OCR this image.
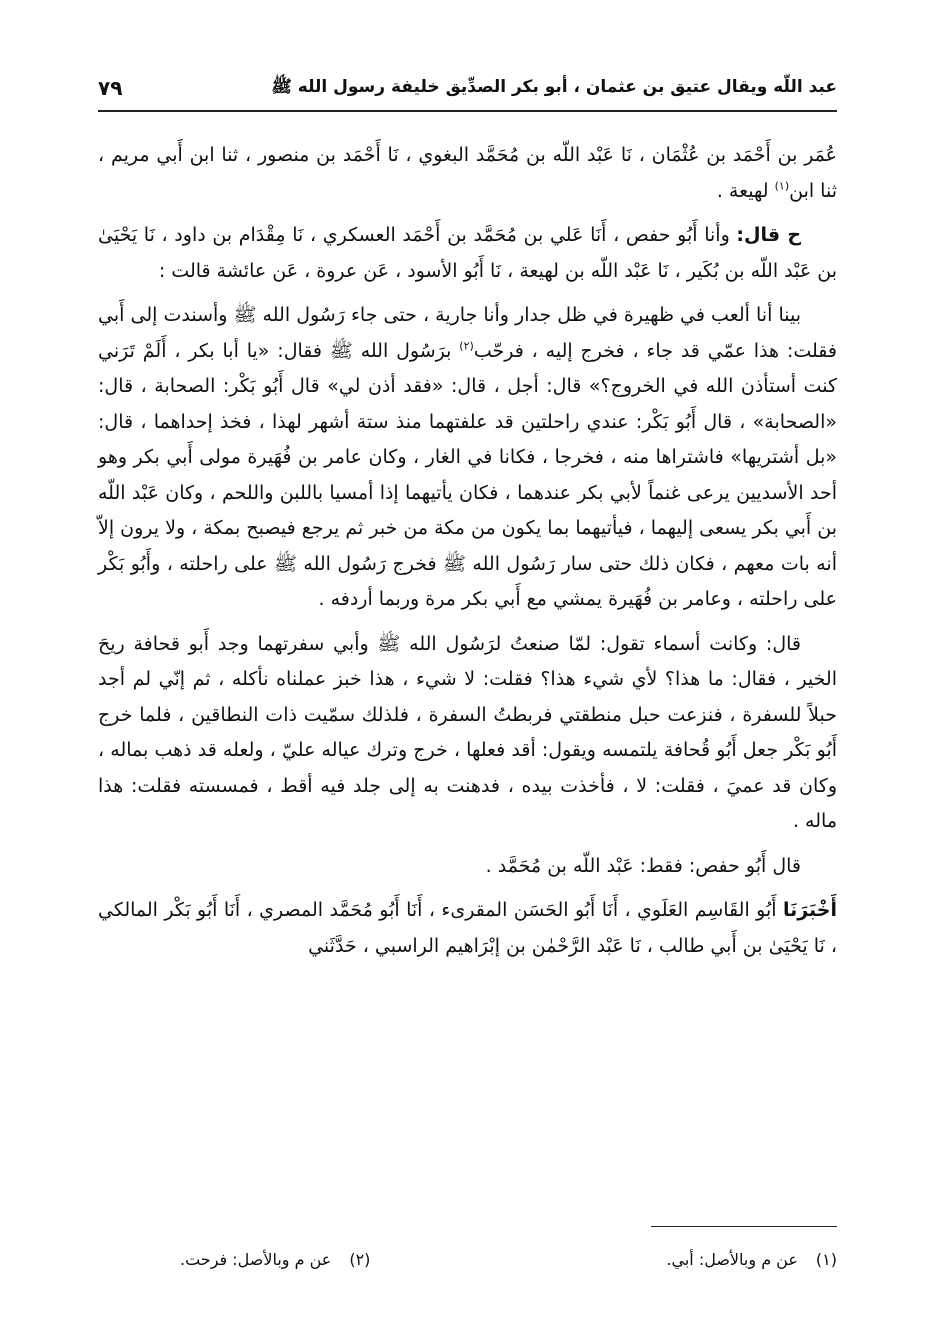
عبد اللّه ويقال عتيق بن عثمان ، أبو بكر الصدِّيق خليفة رسول الله ﷺ
٧٩

عُمَر بن أَحْمَد بن عُثْمَان ، نَا عَبْد اللّه بن مُحَمَّد البغوي ، نَا أَحْمَد بن منصور ، ثنا ابن أَبي مريم ، ثنا ابن$^{(١)}$ لهيعة .

ح قال: وأنا أَبُو حفص ، أَنَا عَلي بن مُحَمَّد بن أَحْمَد العسكري ، نَا مِقْدَام بن داود ، نَا يَحْيَىٰ بن عَبْد اللّه بن بُكَير ، نَا عَبْد اللّه بن لهيعة ، نَا أَبُو الأسود ، عَن عروة ، عَن عائشة قالت :

بينا أنا ألعب في ظهيرة في ظل جدار وأنا جارية ، حتى جاء رَسُول الله ﷺ وأسندت إلى أَبي فقلت: هذا عمّي قد جاء ، فخرج إليه ، فرحّب$^{(٢)}$ برَسُول الله ﷺ فقال: «يا أبا بكر ، أَلَمْ تَرَني كنت أستأذن الله في الخروج؟» قال: أجل ، قال: «فقد أذن لي» قال أَبُو بَكْر: الصحابة ، قال: «الصحابة» ، قال أَبُو بَكْر: عندي راحلتين قد علفتهما منذ ستة أشهر لهذا ، فخذ إحداهما ، قال: «بل أشتريها» فاشتراها منه ، فخرجا ، فكانا في الغار ، وكان عامر بن فُهَيرة مولى أَبي بكر وهو أحد الأسديين يرعى غنماً لأبي بكر عندهما ، فكان يأتيهما إذا أمسيا باللبن واللحم ، وكان عَبْد اللّه بن أَبي بكر يسعى إليهما ، فيأتيهما بما يكون من مكة من خبر ثم يرجع فيصبح بمكة ، ولا يرون إلاّ أنه بات معهم ، فكان ذلك حتى سار رَسُول الله ﷺ فخرج رَسُول الله ﷺ على راحلته ، وأَبُو بَكْر على راحلته ، وعامر بن فُهَيرة يمشي مع أَبي بكر مرة وربما أردفه .

قال: وكانت أسماء تقول: لمّا صنعتُ لرَسُول الله ﷺ وأبي سفرتهما وجد أَبو قحافة ريحَ الخير ، فقال: ما هذا؟ لأي شيء هذا؟ فقلت: لا شيء ، هذا خبز عملناه نأكله ، ثم إنّي لم أجد حبلاً للسفرة ، فنزعت حبل منطقتي فربطتُ السفرة ، فلذلك سمّيت ذات النطاقين ، فلما خرج أَبُو بَكْر جعل أَبُو قُحافة يلتمسه ويقول: أقد فعلها ، خرج وترك عياله عليّ ، ولعله قد ذهب بماله ، وكان قد عميَ ، فقلت: لا ، فأخذت بيده ، فدهنت به إلى جلد فيه أقط ، فمسسته فقلت: هذا ماله .

قال أَبُو حفص: فقط: عَبْد اللّه بن مُحَمَّد .

أَخْبَرَنَا أَبُو القَاسِم العَلَوي ، أَنَا أَبُو الحَسَن المقرىء ، أَنَا أَبُو مُحَمَّد المصري ، أَنَا أَبُو بَكْر المالكي ، نَا يَحْيَىٰ بن أَبي طالب ، نَا عَبْد الرَّحْمٰن بن إبْرَاهيم الراسبي ، حَدَّثَني

(١)عن م وبالأصل: أبي.
(٢)عن م وبالأصل: فرحت.
